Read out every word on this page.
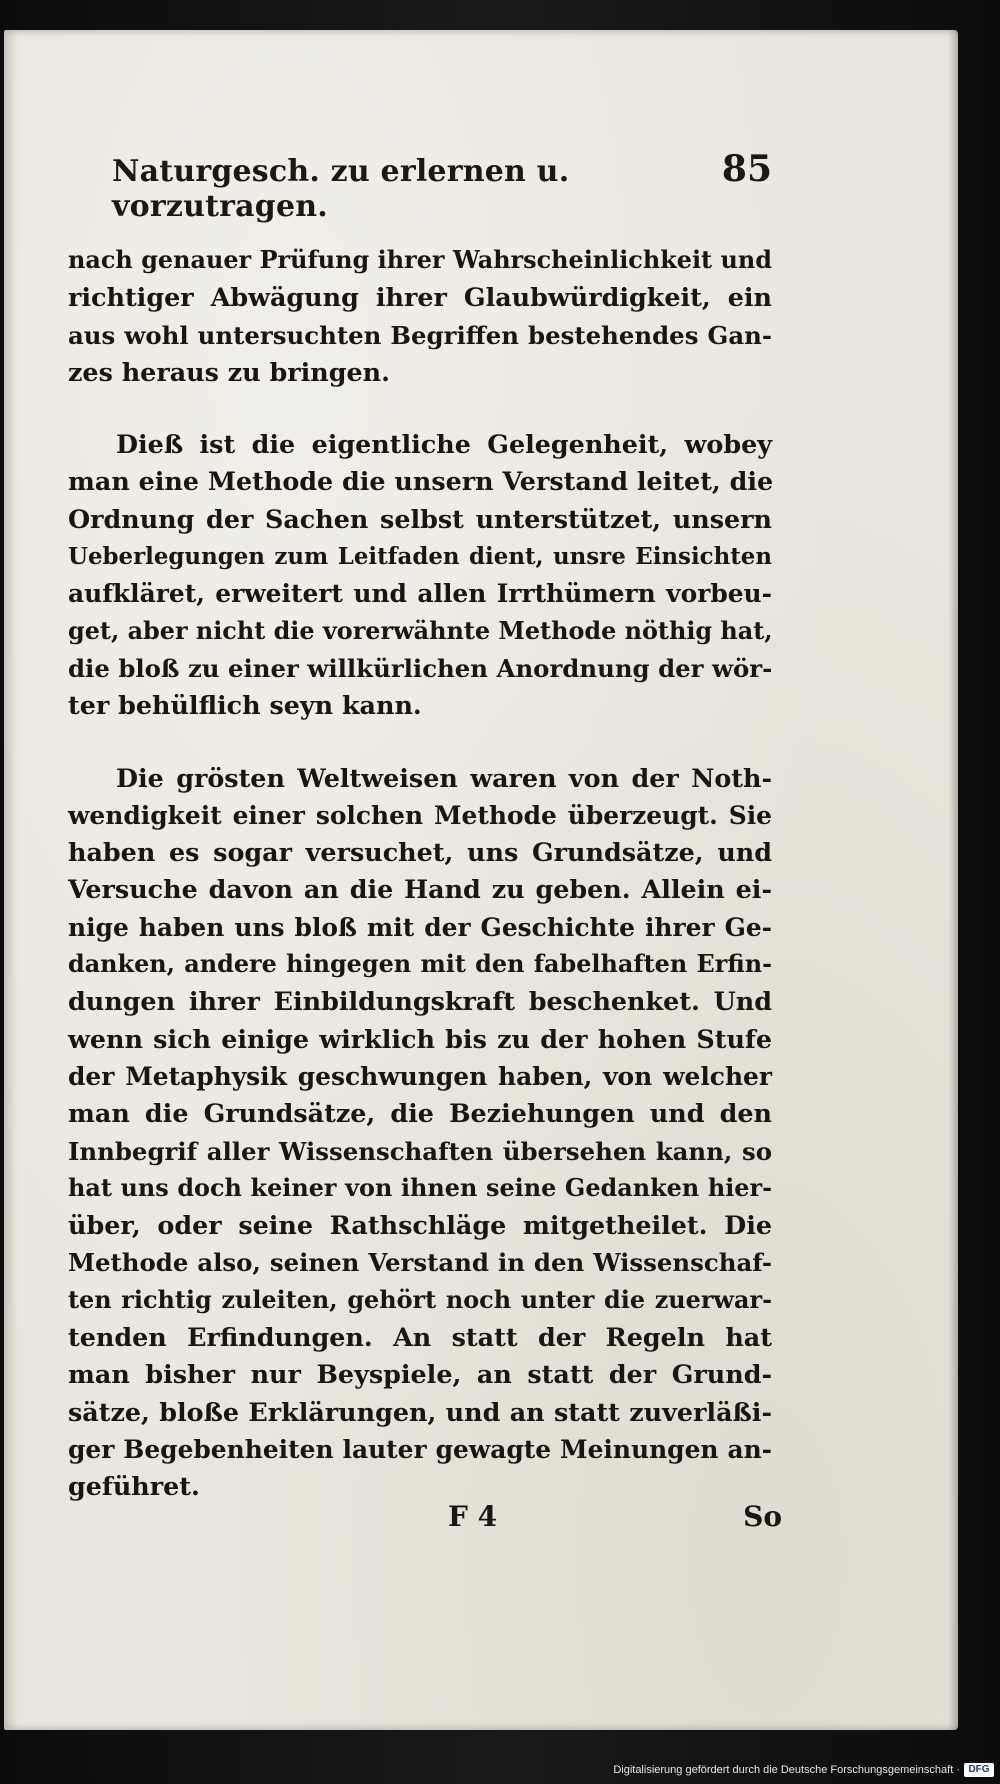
Naturgesch. zu erlernen u. vorzutragen.
85
nach genauer Prüfung ihrer Wahrscheinlichkeit und
richtiger Abwägung ihrer Glaubwürdigkeit, ein
aus wohl untersuchten Begriffen bestehendes Gan-
zes heraus zu bringen.
Dieß ist die eigentliche Gelegenheit, wobey
man eine Methode die unsern Verstand leitet, die
Ordnung der Sachen selbst unterstützet, unsern
Ueberlegungen zum Leitfaden dient, unsre Einsichten
aufkläret, erweitert und allen Irrthümern vorbeu-
get, aber nicht die vorerwähnte Methode nöthig hat,
die bloß zu einer willkürlichen Anordnung der wör-
ter behülflich seyn kann.
Die grösten Weltweisen waren von der Noth-
wendigkeit einer solchen Methode überzeugt. Sie
haben es sogar versuchet, uns Grundsätze, und
Versuche davon an die Hand zu geben. Allein ei-
nige haben uns bloß mit der Geschichte ihrer Ge-
danken, andere hingegen mit den fabelhaften Erfin-
dungen ihrer Einbildungskraft beschenket. Und
wenn sich einige wirklich bis zu der hohen Stufe
der Metaphysik geschwungen haben, von welcher
man die Grundsätze, die Beziehungen und den
Innbegrif aller Wissenschaften übersehen kann, so
hat uns doch keiner von ihnen seine Gedanken hier-
über, oder seine Rathschläge mitgetheilet. Die
Methode also, seinen Verstand in den Wissenschaf-
ten richtig zuleiten, gehört noch unter die zuerwar-
tenden Erfindungen. An statt der Regeln hat
man bisher nur Beyspiele, an statt der Grund-
sätze, bloße Erklärungen, und an statt zuverläßi-
ger Begebenheiten lauter gewagte Meinungen an-
geführet.
F 4	So
Digitalisierung gefördert durch die Deutsche Forschungsgemeinschaft · DFG
